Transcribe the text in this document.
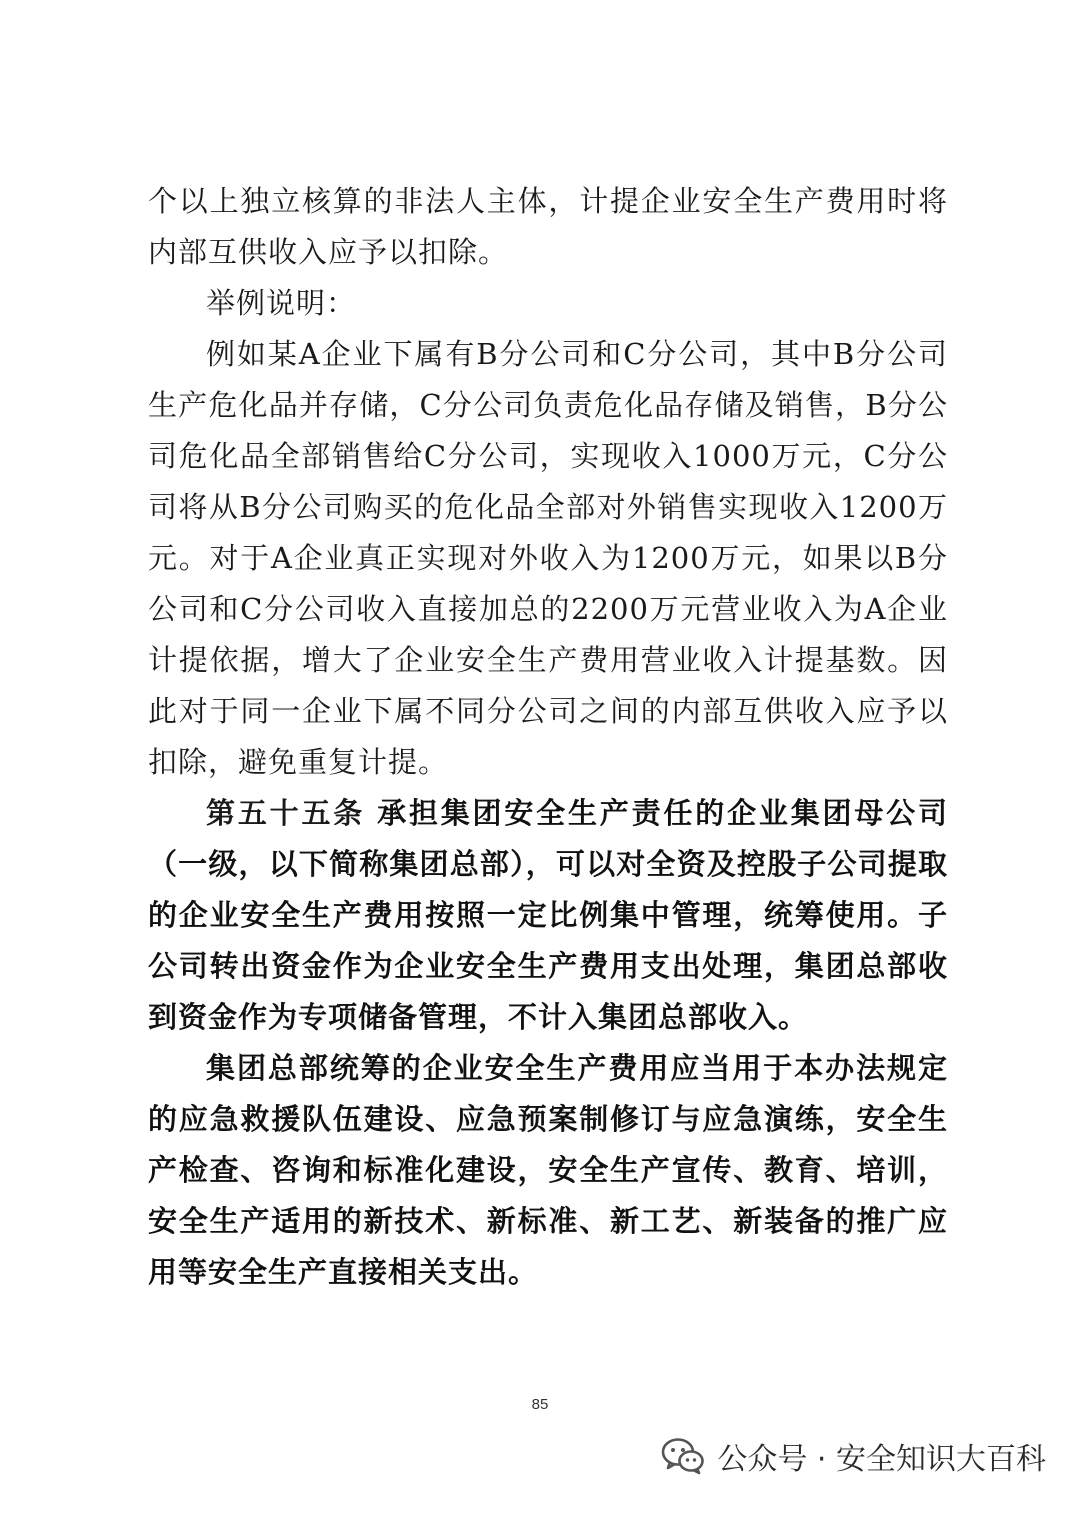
个以上独立核算的非法人主体，计提企业安全生产费用时将内部互供收入应予以扣除。

举例说明：

例如某A企业下属有B分公司和C分公司，其中B分公司生产危化品并存储，C分公司负责危化品存储及销售，B分公司危化品全部销售给C分公司，实现收入1000万元，C分公司将从B分公司购买的危化品全部对外销售实现收入1200万元。对于A企业真正实现对外收入为1200万元，如果以B分公司和C分公司收入直接加总的2200万元营业收入为A企业计提依据，增大了企业安全生产费用营业收入计提基数。因此对于同一企业下属不同分公司之间的内部互供收入应予以扣除，避免重复计提。

第五十五条 承担集团安全生产责任的企业集团母公司（一级，以下简称集团总部），可以对全资及控股子公司提取的企业安全生产费用按照一定比例集中管理，统筹使用。子公司转出资金作为企业安全生产费用支出处理，集团总部收到资金作为专项储备管理，不计入集团总部收入。

集团总部统筹的企业安全生产费用应当用于本办法规定的应急救援队伍建设、应急预案制修订与应急演练，安全生产检查、咨询和标准化建设，安全生产宣传、教育、培训，安全生产适用的新技术、新标准、新工艺、新装备的推广应用等安全生产直接相关支出。

85
公众号 · 安全知识大百科
